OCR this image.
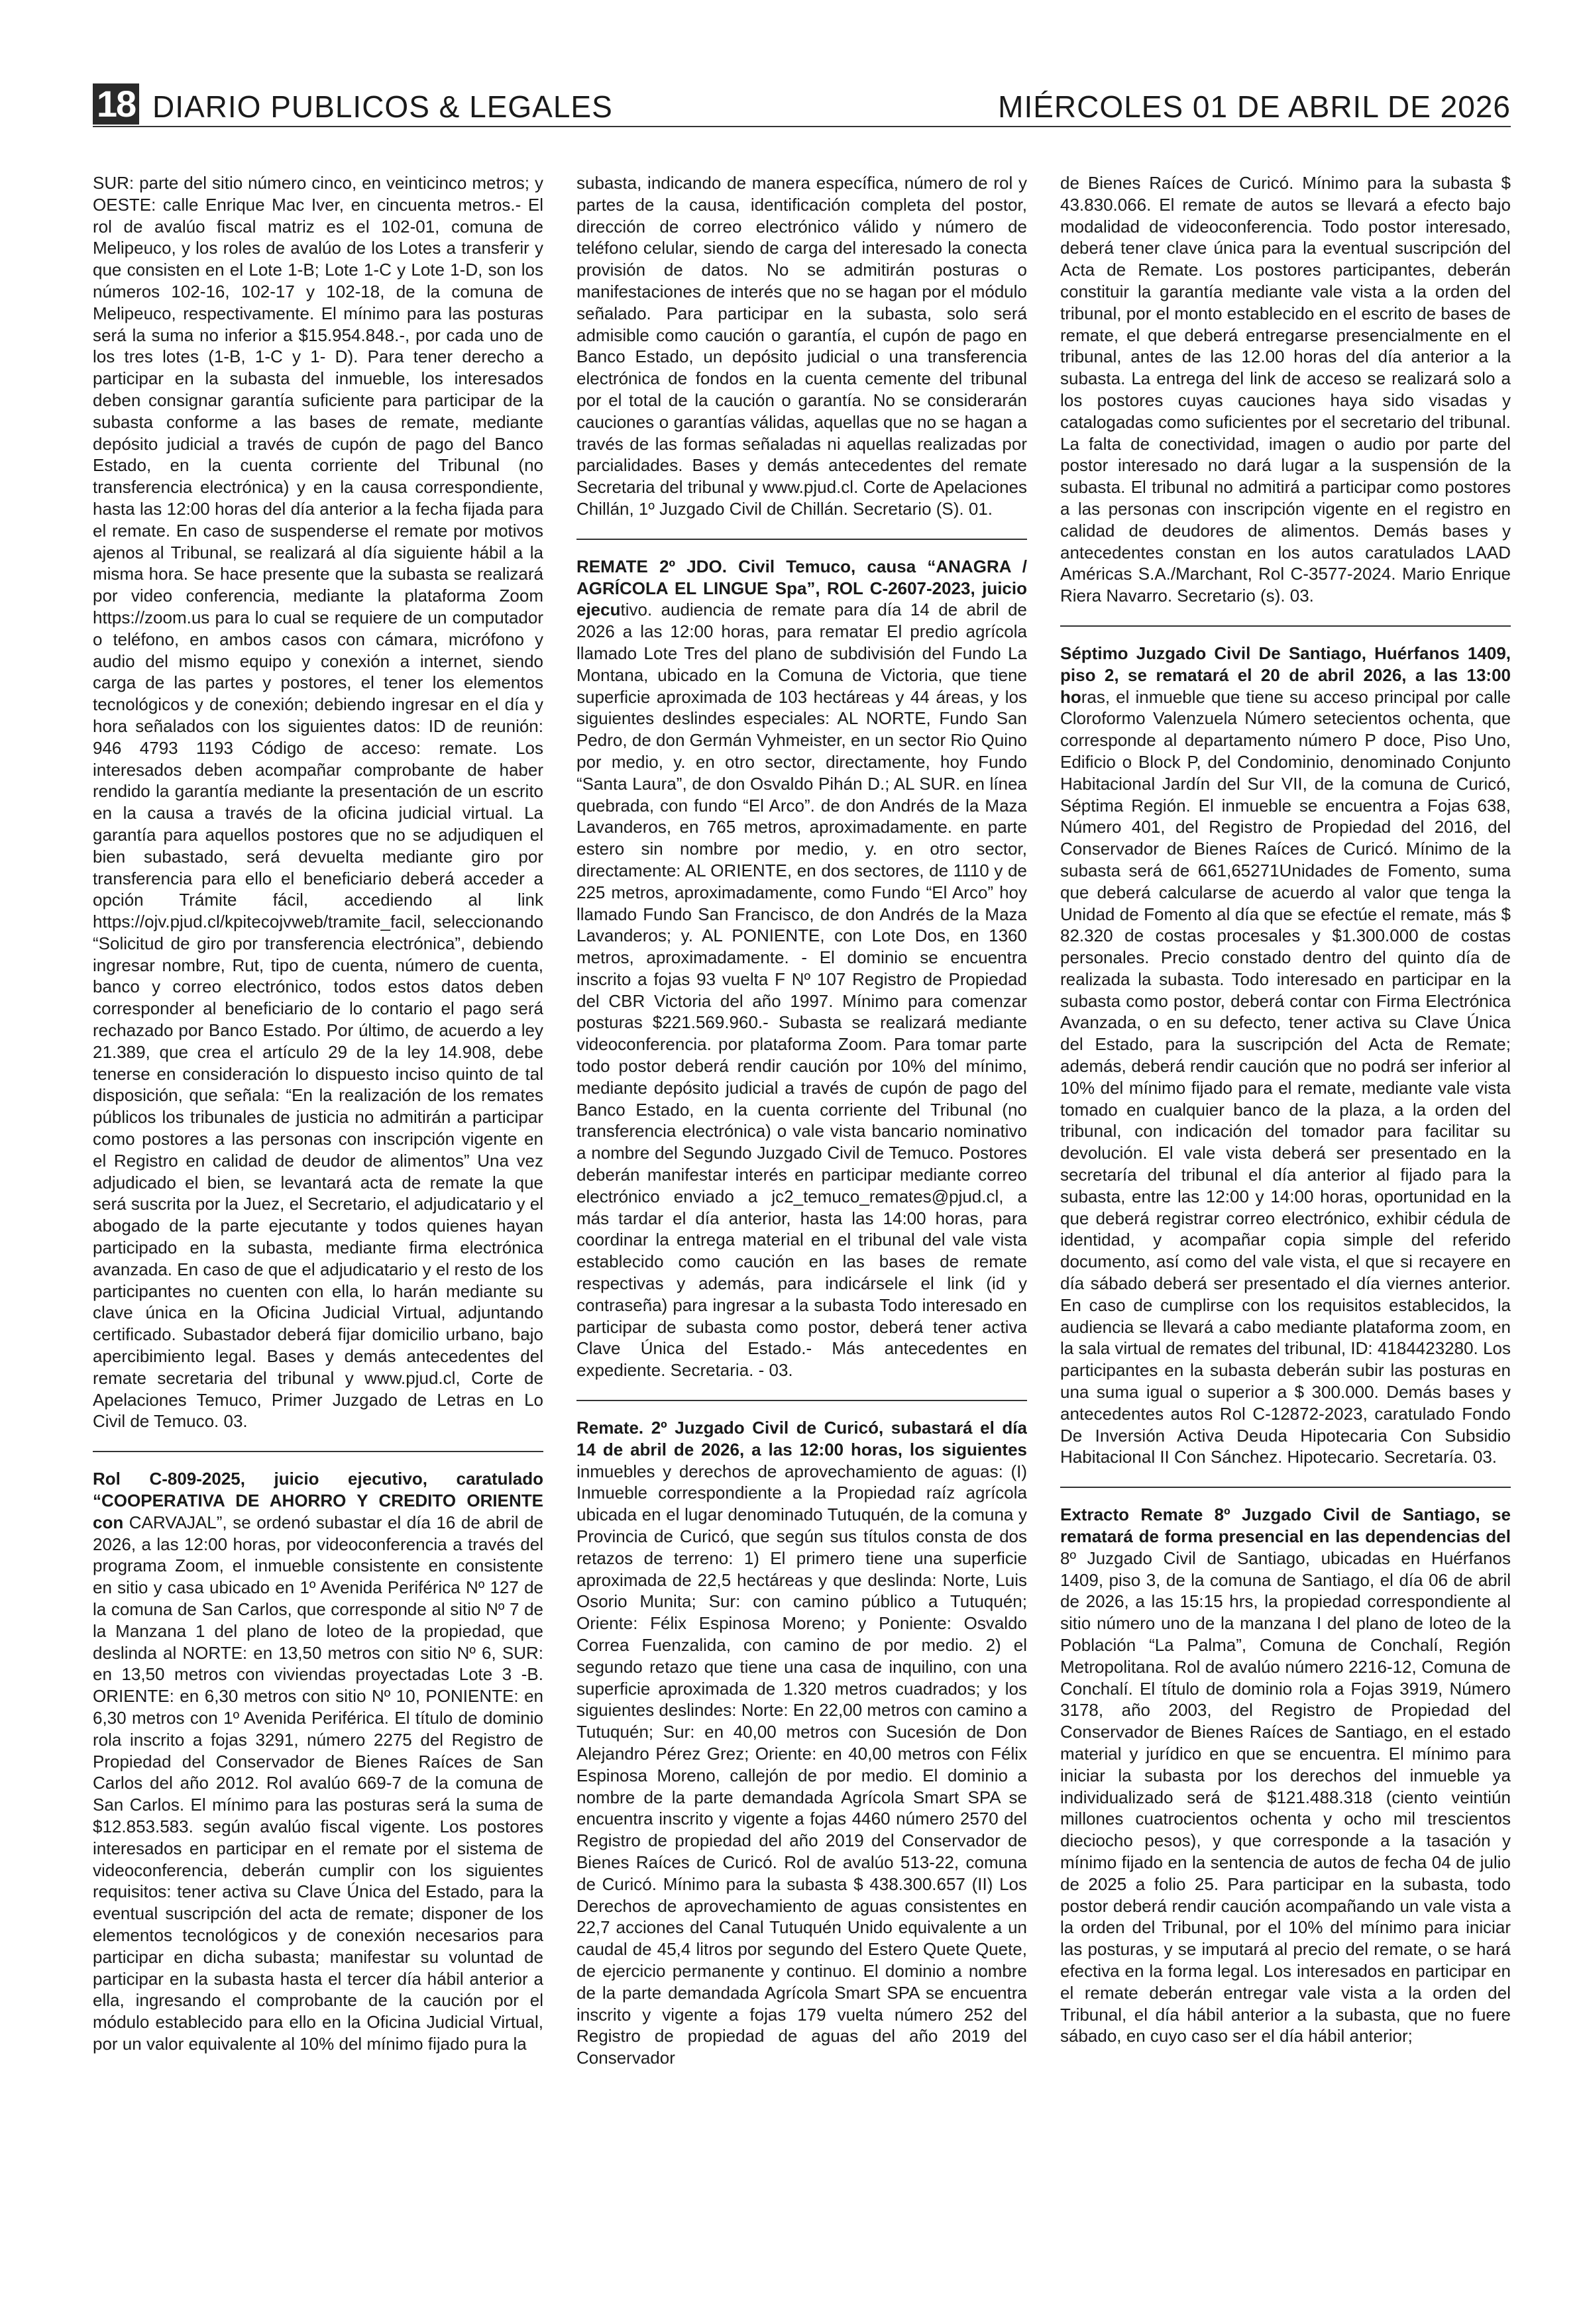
18 DIARIO PUBLICOS & LEGALES	MIÉRCOLES 01 DE ABRIL DE 2026

SUR: parte del sitio número cinco, en veinticinco metros; y OESTE: calle Enrique Mac Iver, en cincuenta metros.- El rol de avalúo fiscal matriz es el 102-01, comuna de Melipeuco, y los roles de avalúo de los Lotes a transferir y que consisten en el Lote 1-B; Lote 1-C y Lote 1-D, son los números 102-16, 102-17 y 102-18, de la comuna de Melipeuco, respectivamente. El mínimo para las posturas será la suma no inferior a $15.954.848.-, por cada uno de los tres lotes (1-B, 1-C y 1- D). Para tener derecho a participar en la subasta del inmueble, los interesados deben consignar garantía suficiente para participar de la subasta conforme a las bases de remate, mediante depósito judicial a través de cupón de pago del Banco Estado, en la cuenta corriente del Tribunal (no transferencia electrónica) y en la causa correspondiente, hasta las 12:00 horas del día anterior a la fecha fijada para el remate. En caso de suspenderse el remate por motivos ajenos al Tribunal, se realizará al día siguiente hábil a la misma hora. Se hace presente que la subasta se realizará por video conferencia, mediante la plataforma Zoom https://zoom.us para lo cual se requiere de un computador o teléfono, en ambos casos con cámara, micrófono y audio del mismo equipo y conexión a internet, siendo carga de las partes y postores, el tener los elementos tecnológicos y de conexión; debiendo ingresar en el día y hora señalados con los siguientes datos: ID de reunión: 946 4793 1193 Código de acceso: remate. Los interesados deben acompañar comprobante de haber rendido la garantía mediante la presentación de un escrito en la causa a través de la oficina judicial virtual. La garantía para aquellos postores que no se adjudiquen el bien subastado, será devuelta mediante giro por transferencia para ello el beneficiario deberá acceder a opción Trámite fácil, accediendo al link https://ojv.pjud.cl/kpitecojvweb/tramite_facil, seleccionando “Solicitud de giro por transferencia electrónica”, debiendo ingresar nombre, Rut, tipo de cuenta, número de cuenta, banco y correo electrónico, todos estos datos deben corresponder al beneficiario de lo contario el pago será rechazado por Banco Estado. Por último, de acuerdo a ley 21.389, que crea el artículo 29 de la ley 14.908, debe tenerse en consideración lo dispuesto inciso quinto de tal disposición, que señala: “En la realización de los remates públicos los tribunales de justicia no admitirán a participar como postores a las personas con inscripción vigente en el Registro en calidad de deudor de alimentos” Una vez adjudicado el bien, se levantará acta de remate la que será suscrita por la Juez, el Secretario, el adjudicatario y el abogado de la parte ejecutante y todos quienes hayan participado en la subasta, mediante firma electrónica avanzada. En caso de que el adjudicatario y el resto de los participantes no cuenten con ella, lo harán mediante su clave única en la Oficina Judicial Virtual, adjuntando certificado. Subastador deberá fijar domicilio urbano, bajo apercibimiento legal. Bases y demás antecedentes del remate secretaria del tribunal y www.pjud.cl, Corte de Apelaciones Temuco, Primer Juzgado de Letras en Lo Civil de Temuco. 03.

Rol C-809-2025, juicio ejecutivo, caratulado “COOPERATIVA DE AHORRO Y CREDITO ORIENTE con CARVAJAL”, se ordenó subastar el día 16 de abril de 2026, a las 12:00 horas, por videoconferencia a través del programa Zoom, el inmueble consistente en consistente en sitio y casa ubicado en 1º Avenida Periférica Nº 127 de la comuna de San Carlos, que corresponde al sitio Nº 7 de la Manzana 1 del plano de loteo de la propiedad, que deslinda al NORTE: en 13,50 metros con sitio Nº 6, SUR: en 13,50 metros con viviendas proyectadas Lote 3 -B. ORIENTE: en 6,30 metros con sitio Nº 10, PONIENTE: en 6,30 metros con 1º Avenida Periférica. El título de dominio rola inscrito a fojas 3291, número 2275 del Registro de Propiedad del Conservador de Bienes Raíces de San Carlos del año 2012. Rol avalúo 669-7 de la comuna de San Carlos. El mínimo para las posturas será la suma de $12.853.583. según avalúo fiscal vigente. Los postores interesados en participar en el remate por el sistema de videoconferencia, deberán cumplir con los siguientes requisitos: tener activa su Clave Única del Estado, para la eventual suscripción del acta de remate; disponer de los elementos tecnológicos y de conexión necesarios para participar en dicha subasta; manifestar su voluntad de participar en la subasta hasta el tercer día hábil anterior a ella, ingresando el comprobante de la caución por el módulo establecido para ello en la Oficina Judicial Virtual, por un valor equivalente al 10% del mínimo fijado pura la

subasta, indicando de manera específica, número de rol y partes de la causa, identificación completa del postor, dirección de correo electrónico válido y número de teléfono celular, siendo de carga del interesado la conecta provisión de datos. No se admitirán posturas o manifestaciones de interés que no se hagan por el módulo señalado. Para participar en la subasta, solo será admisible como caución o garantía, el cupón de pago en Banco Estado, un depósito judicial o una transferencia electrónica de fondos en la cuenta cemente del tribunal por el total de la caución o garantía. No se considerarán cauciones o garantías válidas, aquellas que no se hagan a través de las formas señaladas ni aquellas realizadas por parcialidades. Bases y demás antecedentes del remate Secretaria del tribunal y www.pjud.cl. Corte de Apelaciones Chillán, 1º Juzgado Civil de Chillán. Secretario (S). 01.

REMATE 2º JDO. Civil Temuco, causa “ANAGRA / AGRÍCOLA EL LINGUE Spa”, ROL C-2607-2023, juicio ejecutivo. audiencia de remate para día 14 de abril de 2026 a las 12:00 horas, para rematar El predio agrícola llamado Lote Tres del plano de subdivisión del Fundo La Montana, ubicado en la Comuna de Victoria, que tiene superficie aproximada de 103 hectáreas y 44 áreas, y los siguientes deslindes especiales: AL NORTE, Fundo San Pedro, de don Germán Vyhmeister, en un sector Rio Quino por medio, y. en otro sector, directamente, hoy Fundo “Santa Laura”, de don Osvaldo Pihán D.; AL SUR. en línea quebrada, con fundo “El Arco”. de don Andrés de la Maza Lavanderos, en 765 metros, aproximadamente. en parte estero sin nombre por medio, y. en otro sector, directamente: AL ORIENTE, en dos sectores, de 1110 y de 225 metros, aproximadamente, como Fundo “El Arco” hoy llamado Fundo San Francisco, de don Andrés de la Maza Lavanderos; y. AL PONIENTE, con Lote Dos, en 1360 metros, aproximadamente. - El dominio se encuentra inscrito a fojas 93 vuelta F Nº 107 Registro de Propiedad del CBR Victoria del año 1997. Mínimo para comenzar posturas $221.569.960.- Subasta se realizará mediante videoconferencia. por plataforma Zoom. Para tomar parte todo postor deberá rendir caución por 10% del mínimo, mediante depósito judicial a través de cupón de pago del Banco Estado, en la cuenta corriente del Tribunal (no transferencia electrónica) o vale vista bancario nominativo a nombre del Segundo Juzgado Civil de Temuco. Postores deberán manifestar interés en participar mediante correo electrónico enviado a jc2_temuco_remates@pjud.cl, a más tardar el día anterior, hasta las 14:00 horas, para coordinar la entrega material en el tribunal del vale vista establecido como caución en las bases de remate respectivas y además, para indicársele el link (id y contraseña) para ingresar a la subasta Todo interesado en participar de subasta como postor, deberá tener activa Clave Única del Estado.- Más antecedentes en expediente. Secretaria. - 03.

Remate. 2º Juzgado Civil de Curicó, subastará el día 14 de abril de 2026, a las 12:00 horas, los siguientes inmuebles y derechos de aprovechamiento de aguas: (I) Inmueble correspondiente a la Propiedad raíz agrícola ubicada en el lugar denominado Tutuquén, de la comuna y Provincia de Curicó, que según sus títulos consta de dos retazos de terreno: 1) El primero tiene una superficie aproximada de 22,5 hectáreas y que deslinda: Norte, Luis Osorio Munita; Sur: con camino público a Tutuquén; Oriente: Félix Espinosa Moreno; y Poniente: Osvaldo Correa Fuenzalida, con camino de por medio. 2) el segundo retazo que tiene una casa de inquilino, con una superficie aproximada de 1.320 metros cuadrados; y los siguientes deslindes: Norte: En 22,00 metros con camino a Tutuquén; Sur: en 40,00 metros con Sucesión de Don Alejandro Pérez Grez; Oriente: en 40,00 metros con Félix Espinosa Moreno, callejón de por medio. El dominio a nombre de la parte demandada Agrícola Smart SPA se encuentra inscrito y vigente a fojas 4460 número 2570 del Registro de propiedad del año 2019 del Conservador de Bienes Raíces de Curicó. Rol de avalúo 513-22, comuna de Curicó. Mínimo para la subasta $ 438.300.657 (II) Los Derechos de aprovechamiento de aguas consistentes en 22,7 acciones del Canal Tutuquén Unido equivalente a un caudal de 45,4 litros por segundo del Estero Quete Quete, de ejercicio permanente y continuo. El dominio a nombre de la parte demandada Agrícola Smart SPA se encuentra inscrito y vigente a fojas 179 vuelta número 252 del Registro de propiedad de aguas del año 2019 del Conservador

de Bienes Raíces de Curicó. Mínimo para la subasta $ 43.830.066. El remate de autos se llevará a efecto bajo modalidad de videoconferencia. Todo postor interesado, deberá tener clave única para la eventual suscripción del Acta de Remate. Los postores participantes, deberán constituir la garantía mediante vale vista a la orden del tribunal, por el monto establecido en el escrito de bases de remate, el que deberá entregarse presencialmente en el tribunal, antes de las 12.00 horas del día anterior a la subasta. La entrega del link de acceso se realizará solo a los postores cuyas cauciones haya sido visadas y catalogadas como suficientes por el secretario del tribunal. La falta de conectividad, imagen o audio por parte del postor interesado no dará lugar a la suspensión de la subasta. El tribunal no admitirá a participar como postores a las personas con inscripción vigente en el registro en calidad de deudores de alimentos. Demás bases y antecedentes constan en los autos caratulados LAAD Américas S.A./Marchant, Rol C-3577-2024. Mario Enrique Riera Navarro. Secretario (s). 03.

Séptimo Juzgado Civil De Santiago, Huérfanos 1409, piso 2, se rematará el 20 de abril 2026, a las 13:00 horas, el inmueble que tiene su acceso principal por calle Cloroformo Valenzuela Número setecientos ochenta, que corresponde al departamento número P doce, Piso Uno, Edificio o Block P, del Condominio, denominado Conjunto Habitacional Jardín del Sur VII, de la comuna de Curicó, Séptima Región. El inmueble se encuentra a Fojas 638, Número 401, del Registro de Propiedad del 2016, del Conservador de Bienes Raíces de Curicó. Mínimo de la subasta será de 661,65271Unidades de Fomento, suma que deberá calcularse de acuerdo al valor que tenga la Unidad de Fomento al día que se efectúe el remate, más $ 82.320 de costas procesales y $1.300.000 de costas personales. Precio constado dentro del quinto día de realizada la subasta. Todo interesado en participar en la subasta como postor, deberá contar con Firma Electrónica Avanzada, o en su defecto, tener activa su Clave Única del Estado, para la suscripción del Acta de Remate; además, deberá rendir caución que no podrá ser inferior al 10% del mínimo fijado para el remate, mediante vale vista tomado en cualquier banco de la plaza, a la orden del tribunal, con indicación del tomador para facilitar su devolución. El vale vista deberá ser presentado en la secretaría del tribunal el día anterior al fijado para la subasta, entre las 12:00 y 14:00 horas, oportunidad en la que deberá registrar correo electrónico, exhibir cédula de identidad, y acompañar copia simple del referido documento, así como del vale vista, el que si recayere en día sábado deberá ser presentado el día viernes anterior. En caso de cumplirse con los requisitos establecidos, la audiencia se llevará a cabo mediante plataforma zoom, en la sala virtual de remates del tribunal, ID: 4184423280. Los participantes en la subasta deberán subir las posturas en una suma igual o superior a $ 300.000. Demás bases y antecedentes autos Rol C-12872-2023, caratulado Fondo De Inversión Activa Deuda Hipotecaria Con Subsidio Habitacional II Con Sánchez. Hipotecario. Secretaría. 03.

Extracto Remate 8º Juzgado Civil de Santiago, se rematará de forma presencial en las dependencias del 8º Juzgado Civil de Santiago, ubicadas en Huérfanos 1409, piso 3, de la comuna de Santiago, el día 06 de abril de 2026, a las 15:15 hrs, la propiedad correspondiente al sitio número uno de la manzana I del plano de loteo de la Población “La Palma”, Comuna de Conchalí, Región Metropolitana. Rol de avalúo número 2216-12, Comuna de Conchalí. El título de dominio rola a Fojas 3919, Número 3178, año 2003, del Registro de Propiedad del Conservador de Bienes Raíces de Santiago, en el estado material y jurídico en que se encuentra. El mínimo para iniciar la subasta por los derechos del inmueble ya individualizado será de $121.488.318 (ciento veintiún millones cuatrocientos ochenta y ocho mil trescientos dieciocho pesos), y que corresponde a la tasación y mínimo fijado en la sentencia de autos de fecha 04 de julio de 2025 a folio 25. Para participar en la subasta, todo postor deberá rendir caución acompañando un vale vista a la orden del Tribunal, por el 10% del mínimo para iniciar las posturas, y se imputará al precio del remate, o se hará efectiva en la forma legal. Los interesados en participar en el remate deberán entregar vale vista a la orden del Tribunal, el día hábil anterior a la subasta, que no fuere sábado, en cuyo caso ser el día hábil anterior;
